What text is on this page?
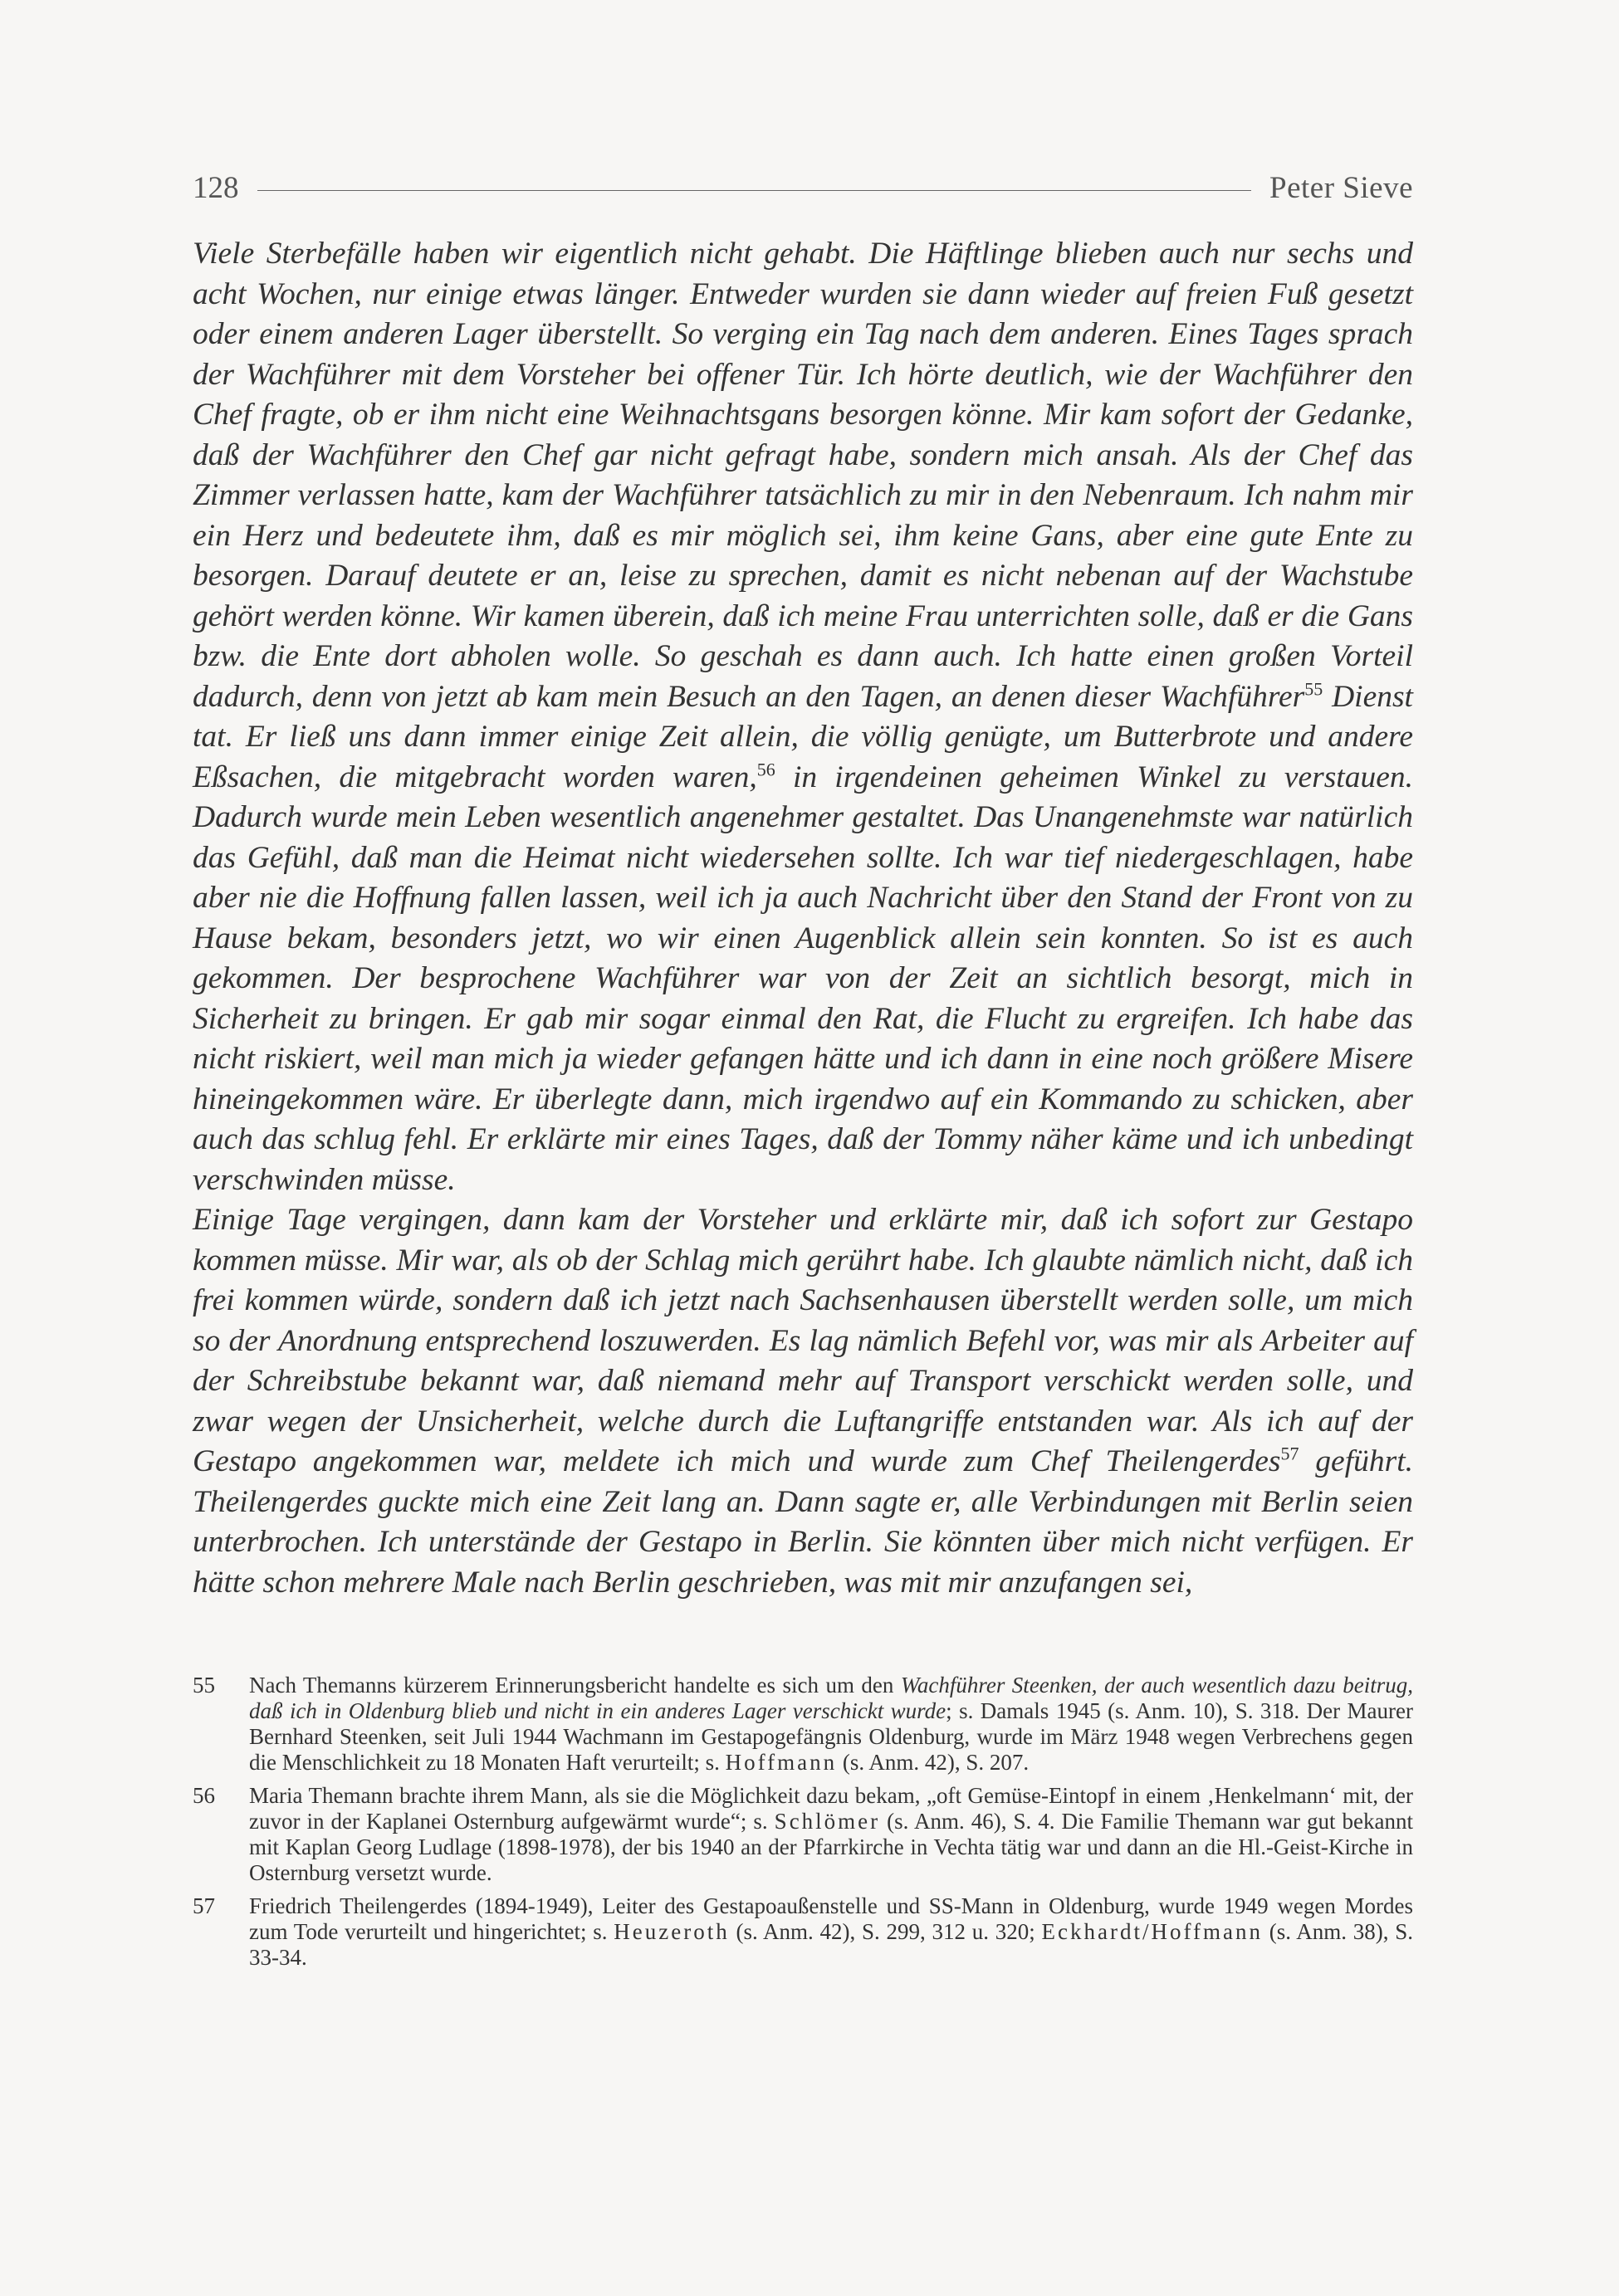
128	Peter Sieve

Viele Sterbefälle haben wir eigentlich nicht gehabt. Die Häftlinge blieben auch nur sechs und acht Wochen, nur einige etwas länger. Entweder wurden sie dann wieder auf freien Fuß gesetzt oder einem anderen Lager überstellt. So verging ein Tag nach dem anderen. Eines Tages sprach der Wachführer mit dem Vorsteher bei offener Tür. Ich hörte deutlich, wie der Wachführer den Chef fragte, ob er ihm nicht eine Weihnachtsgans besorgen könne. Mir kam sofort der Gedanke, daß der Wachführer den Chef gar nicht gefragt habe, sondern mich ansah. Als der Chef das Zimmer verlassen hatte, kam der Wachführer tatsächlich zu mir in den Nebenraum. Ich nahm mir ein Herz und bedeutete ihm, daß es mir möglich sei, ihm keine Gans, aber eine gute Ente zu besorgen. Darauf deutete er an, leise zu sprechen, damit es nicht nebenan auf der Wachstube gehört werden könne. Wir kamen überein, daß ich meine Frau unterrichten solle, daß er die Gans bzw. die Ente dort abholen wolle. So geschah es dann auch. Ich hatte einen großen Vorteil dadurch, denn von jetzt ab kam mein Besuch an den Tagen, an denen dieser Wachführer$^{55}$ Dienst tat. Er ließ uns dann immer einige Zeit allein, die völlig genügte, um Butterbrote und andere Eßsachen, die mitgebracht worden waren,$^{56}$ in irgendeinen geheimen Winkel zu verstauen. Dadurch wurde mein Leben wesentlich angenehmer gestaltet. Das Unangenehmste war natürlich das Gefühl, daß man die Heimat nicht wiedersehen sollte. Ich war tief niedergeschlagen, habe aber nie die Hoffnung fallen lassen, weil ich ja auch Nachricht über den Stand der Front von zu Hause bekam, besonders jetzt, wo wir einen Augenblick allein sein konnten. So ist es auch gekommen. Der besprochene Wachführer war von der Zeit an sichtlich besorgt, mich in Sicherheit zu bringen. Er gab mir sogar einmal den Rat, die Flucht zu ergreifen. Ich habe das nicht riskiert, weil man mich ja wieder gefangen hätte und ich dann in eine noch größere Misere hineingekommen wäre. Er überlegte dann, mich irgendwo auf ein Kommando zu schicken, aber auch das schlug fehl. Er erklärte mir eines Tages, daß der Tommy näher käme und ich unbedingt verschwinden müsse.

Einige Tage vergingen, dann kam der Vorsteher und erklärte mir, daß ich sofort zur Gestapo kommen müsse. Mir war, als ob der Schlag mich gerührt habe. Ich glaubte nämlich nicht, daß ich frei kommen würde, sondern daß ich jetzt nach Sachsenhausen überstellt werden solle, um mich so der Anordnung entsprechend loszuwerden. Es lag nämlich Befehl vor, was mir als Arbeiter auf der Schreibstube bekannt war, daß niemand mehr auf Transport verschickt werden solle, und zwar wegen der Unsicherheit, welche durch die Luftangriffe entstanden war. Als ich auf der Gestapo angekommen war, meldete ich mich und wurde zum Chef Theilengerdes$^{57}$ geführt. Theilengerdes guckte mich eine Zeit lang an. Dann sagte er, alle Verbindungen mit Berlin seien unterbrochen. Ich unterstände der Gestapo in Berlin. Sie könnten über mich nicht verfügen. Er hätte schon mehrere Male nach Berlin geschrieben, was mit mir anzufangen sei,

55	Nach Themanns kürzerem Erinnerungsbericht handelte es sich um den Wachführer Steenken, der auch wesentlich dazu beitrug, daß ich in Oldenburg blieb und nicht in ein anderes Lager verschickt wurde; s. Damals 1945 (s. Anm. 10), S. 318. Der Maurer Bernhard Steenken, seit Juli 1944 Wachmann im Gestapogefängnis Oldenburg, wurde im März 1948 wegen Verbrechens gegen die Menschlichkeit zu 18 Monaten Haft verurteilt; s. Hoffmann (s. Anm. 42), S. 207.
56	Maria Themann brachte ihrem Mann, als sie die Möglichkeit dazu bekam, „oft Gemüse-Eintopf in einem ‚Henkelmann‘ mit, der zuvor in der Kaplanei Osternburg aufgewärmt wurde“; s. Schlömer (s. Anm. 46), S. 4. Die Familie Themann war gut bekannt mit Kaplan Georg Ludlage (1898-1978), der bis 1940 an der Pfarrkirche in Vechta tätig war und dann an die Hl.-Geist-Kirche in Osternburg versetzt wurde.
57	Friedrich Theilengerdes (1894-1949), Leiter des Gestapoaußenstelle und SS-Mann in Oldenburg, wurde 1949 wegen Mordes zum Tode verurteilt und hingerichtet; s. Heuzeroth (s. Anm. 42), S. 299, 312 u. 320; Eckhardt/Hoffmann (s. Anm. 38), S. 33-34.
